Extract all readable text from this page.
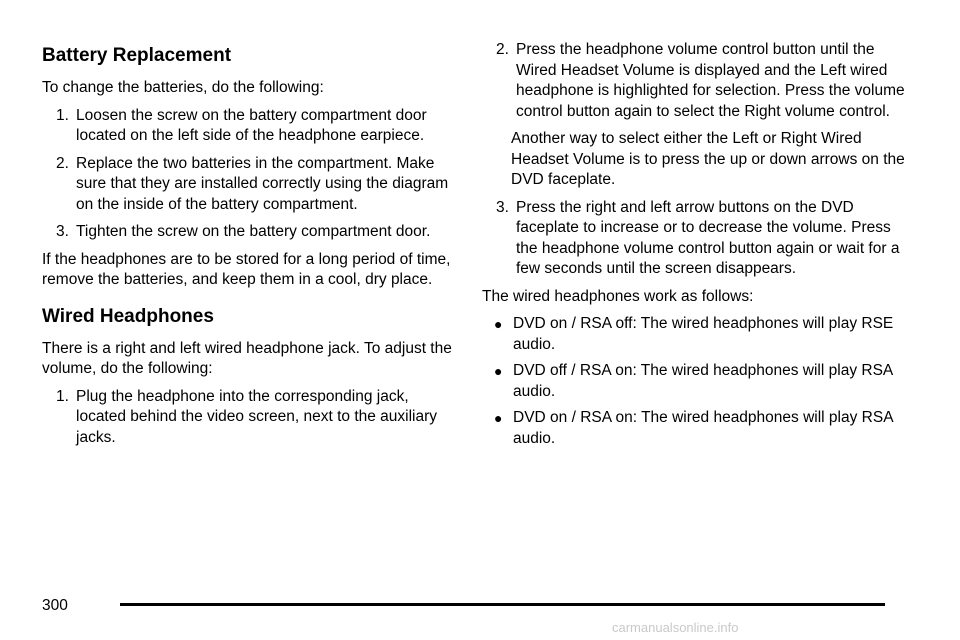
Battery Replacement

To change the batteries, do the following:

1. Loosen the screw on the battery compartment door located on the left side of the headphone earpiece.
2. Replace the two batteries in the compartment. Make sure that they are installed correctly using the diagram on the inside of the battery compartment.
3. Tighten the screw on the battery compartment door.

If the headphones are to be stored for a long period of time, remove the batteries, and keep them in a cool, dry place.

Wired Headphones

There is a right and left wired headphone jack. To adjust the volume, do the following:

1. Plug the headphone into the corresponding jack, located behind the video screen, next to the auxiliary jacks.
2. Press the headphone volume control button until the Wired Headset Volume is displayed and the Left wired headphone is highlighted for selection. Press the volume control button again to select the Right volume control.

Another way to select either the Left or Right Wired Headset Volume is to press the up or down arrows on the DVD faceplate.

3. Press the right and left arrow buttons on the DVD faceplate to increase or to decrease the volume. Press the headphone volume control button again or wait for a few seconds until the screen disappears.

The wired headphones work as follows:

● DVD on / RSA off: The wired headphones will play RSE audio.
● DVD off / RSA on: The wired headphones will play RSA audio.
● DVD on / RSA on: The wired headphones will play RSA audio.
300
carmanualsonline.info
